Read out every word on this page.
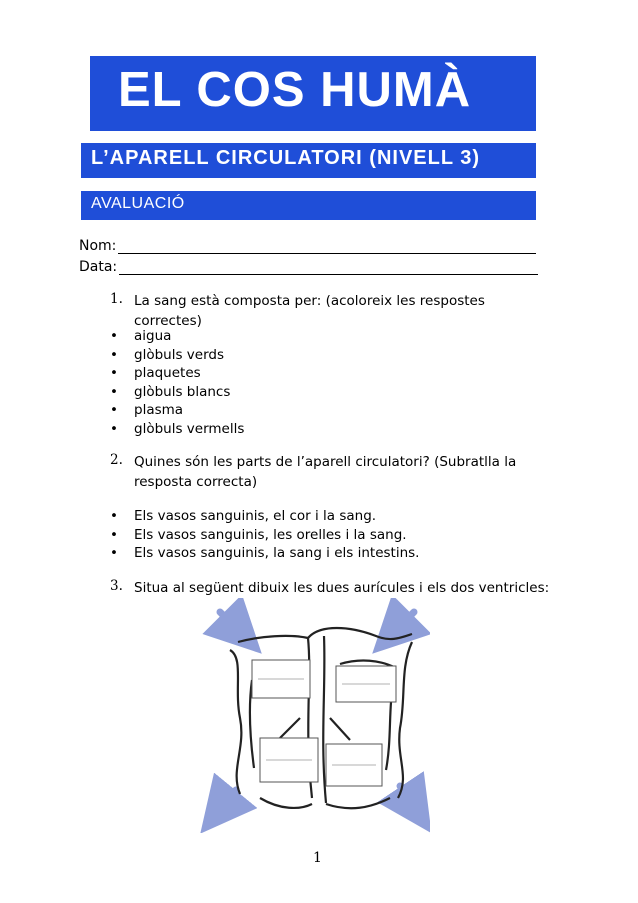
EL COS HUMÀ
L’APARELL CIRCULATORI (NIVELL 3)
AVALUACIÓ
Nom:
Data:
1. La sang està composta per: (acoloreix les respostes correctes)
• aigua
• glòbuls verds
• plaquetes
• glòbuls blancs
• plasma
• glòbuls vermells
2. Quines són les parts de l’aparell circulatori? (Subratlla la resposta correcta)
• Els vasos sanguinis, el cor i la sang.
• Els vasos sanguinis, les orelles i la sang.
• Els vasos sanguinis, la sang i els intestins.
3. Situa al següent dibuix les dues aurícules i els dos ventricles:
1
